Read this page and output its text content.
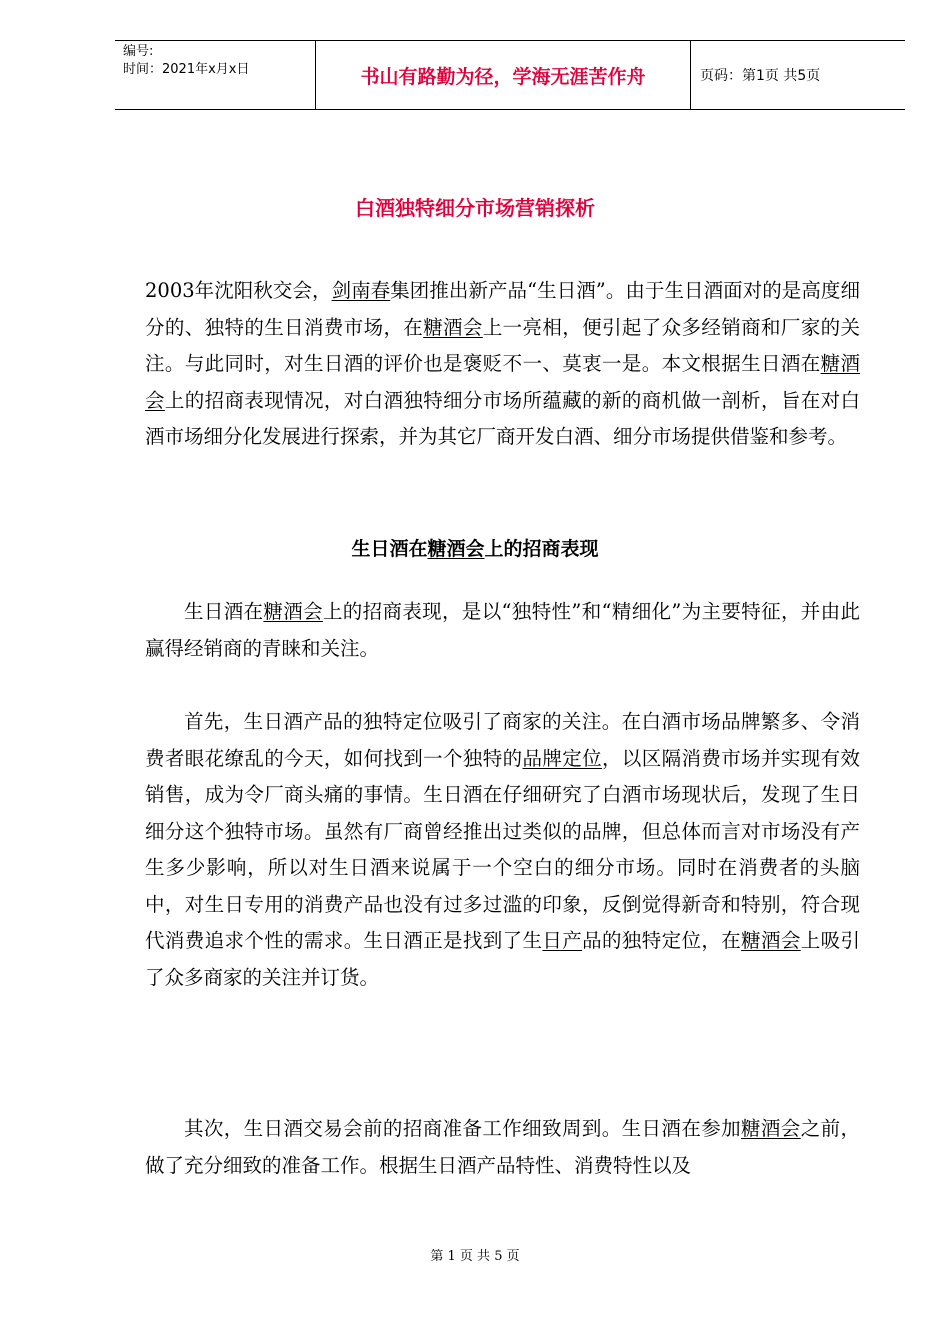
编号:
时间：2021年x月x日	书山有路勤为径，学海无涯苦作舟	页码：第1页 共5页
白酒独特细分市场营销探析
2003年沈阳秋交会，剑南春集团推出新产品“生日酒”。由于生日酒面对的是高度细分的、独特的生日消费市场，在糖酒会上一亮相，便引起了众多经销商和厂家的关注。与此同时，对生日酒的评价也是褒贬不一、莫衷一是。本文根据生日酒在糖酒会上的招商表现情况，对白酒独特细分市场所蕴藏的新的商机做一剖析，旨在对白酒市场细分化发展进行探索，并为其它厂商开发白酒、细分市场提供借鉴和参考。
生日酒在糖酒会上的招商表现
生日酒在糖酒会上的招商表现，是以“独特性”和“精细化”为主要特征，并由此赢得经销商的青睐和关注。
首先，生日酒产品的独特定位吸引了商家的关注。在白酒市场品牌繁多、令消费者眼花缭乱的今天，如何找到一个独特的品牌定位，以区隔消费市场并实现有效销售，成为令厂商头痛的事情。生日酒在仔细研究了白酒市场现状后，发现了生日细分这个独特市场。虽然有厂商曾经推出过类似的品牌，但总体而言对市场没有产生多少影响，所以对生日酒来说属于一个空白的细分市场。同时在消费者的头脑中，对生日专用的消费产品也没有过多过滥的印象，反倒觉得新奇和特别，符合现代消费追求个性的需求。生日酒正是找到了生日产品的独特定位，在糖酒会上吸引了众多商家的关注并订货。
其次，生日酒交易会前的招商准备工作细致周到。生日酒在参加糖酒会之前，做了充分细致的准备工作。根据生日酒产品特性、消费特性以及
第 1 页 共 5 页
